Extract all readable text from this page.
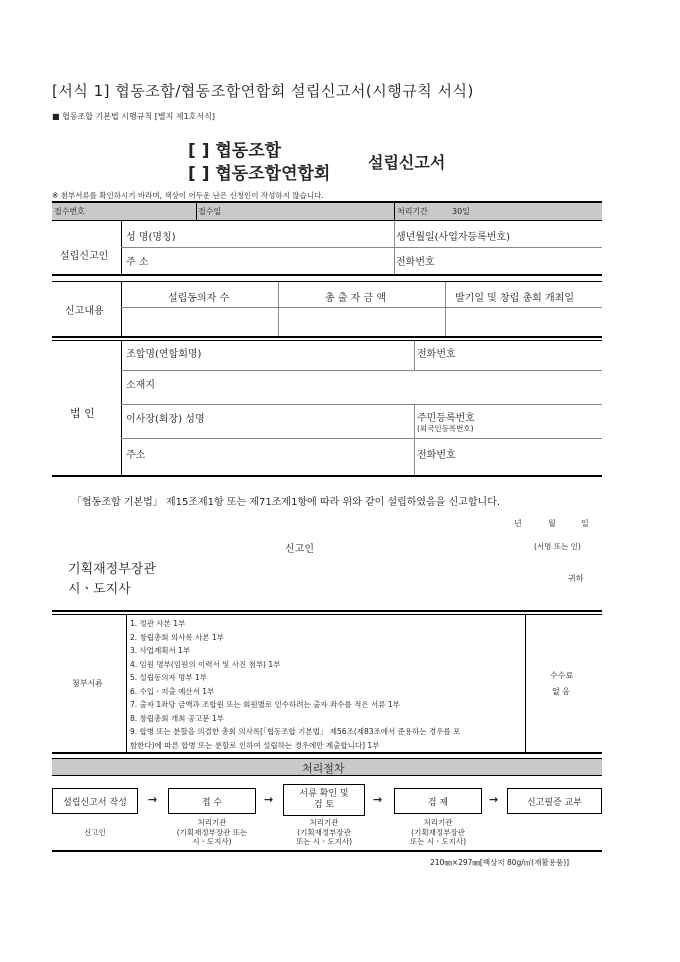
[서식 1] 협동조합/협동조합연합회 설립신고서(시행규칙 서식)
■ 협동조합 기본법 시행규칙 [별지 제1호서식]
[ ] 협동조합
[ ] 협동조합연합회
설립신고서
※ 첨부서류를 확인하시기 바라며, 색상이 어두운 난은 신청인이 작성하지 않습니다.
접수번호	접수일	처리기간	30일
설립신고인
성 명(명칭)	생년월일(사업자등록번호)
주 소	전화번호
신고내용
설립동의자 수	총 출 자 금 액	발기일 및 창립 총회 개최일
법 인
조합명(연합회명)	전화번호
소재지
이사장(회장) 성명	주민등록번호
(외국인등록번호)
주소	전화번호
「협동조합 기본법」 제15조제1항 또는 제71조제1항에 따라 위와 같이 설립하였음을 신고합니다.
년	월	일
신고인	(서명 또는 인)
기획재정부장관
시ㆍ도지사
귀하
첨부서류
1. 정관 사본 1부
2. 창립총회 의사록 사본 1부
3. 사업계획서 1부
4. 임원 명부(임원의 이력서 및 사진 첨부) 1부
5. 설립동의자 명부 1부
6. 수입ㆍ지출 예산서 1부
7. 출자 1좌당 금액과 조합원 또는 회원별로 인수하려는 출자 좌수를 적은 서류 1부
8. 창립총회 개최 공고문 1부
9. 합병 또는 분할을 의결한 총회 의사록[「협동조합 기본법」 제56조(제83조에서 준용하는 경우를 포
함한다)에 따른 합병 또는 분할로 인하여 설립하는 경우에만 제출합니다] 1부
수수료
없 음
처리절차
설립신고서 작성 →	접 수	→	서류 확인 및
검 토	→	검 제	→	신고필증 교부
신고인
처리기관
(기획재정부장관 또는
시ㆍ도지사)
처리기관
(기획재정부장관
또는 시ㆍ도지사)
처리기관
(기획재정부장관
또는 시ㆍ도지사)
210㎜×297㎜[백상지 80g/㎡(재활용품)]
